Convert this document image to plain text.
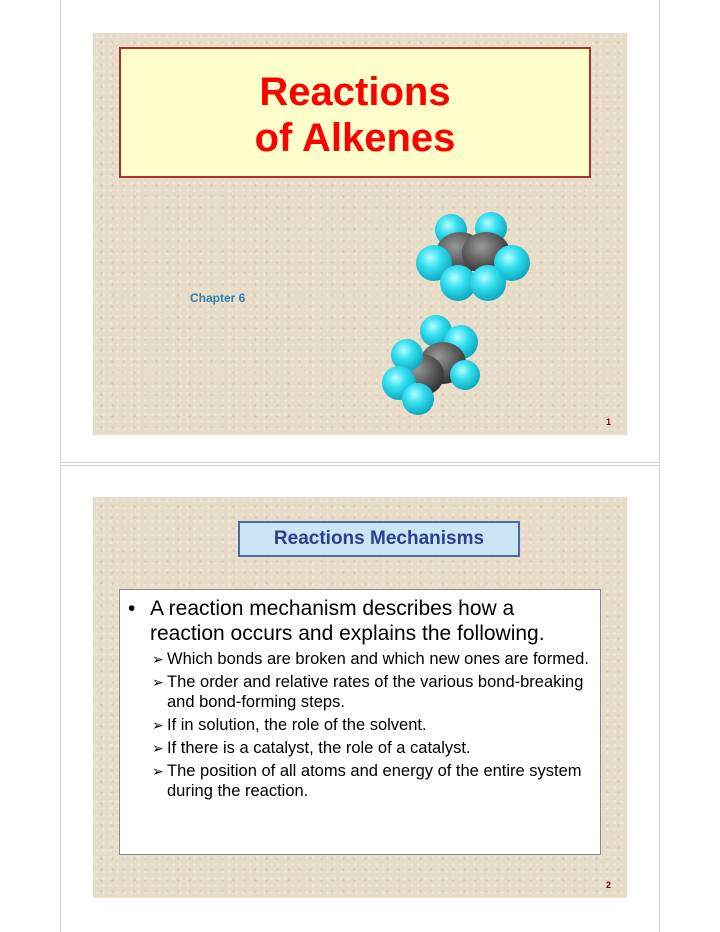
Reactions
of Alkenes
Chapter 6
1
Reactions Mechanisms
• A reaction mechanism describes how a reaction occurs and explains the following.
➢ Which bonds are broken and which new ones are formed.
➢ The order and relative rates of the various bond-breaking and bond-forming steps.
➢ If in solution, the role of the solvent.
➢ If there is a catalyst, the role of a catalyst.
➢ The position of all atoms and energy of the entire system during the reaction.
2
